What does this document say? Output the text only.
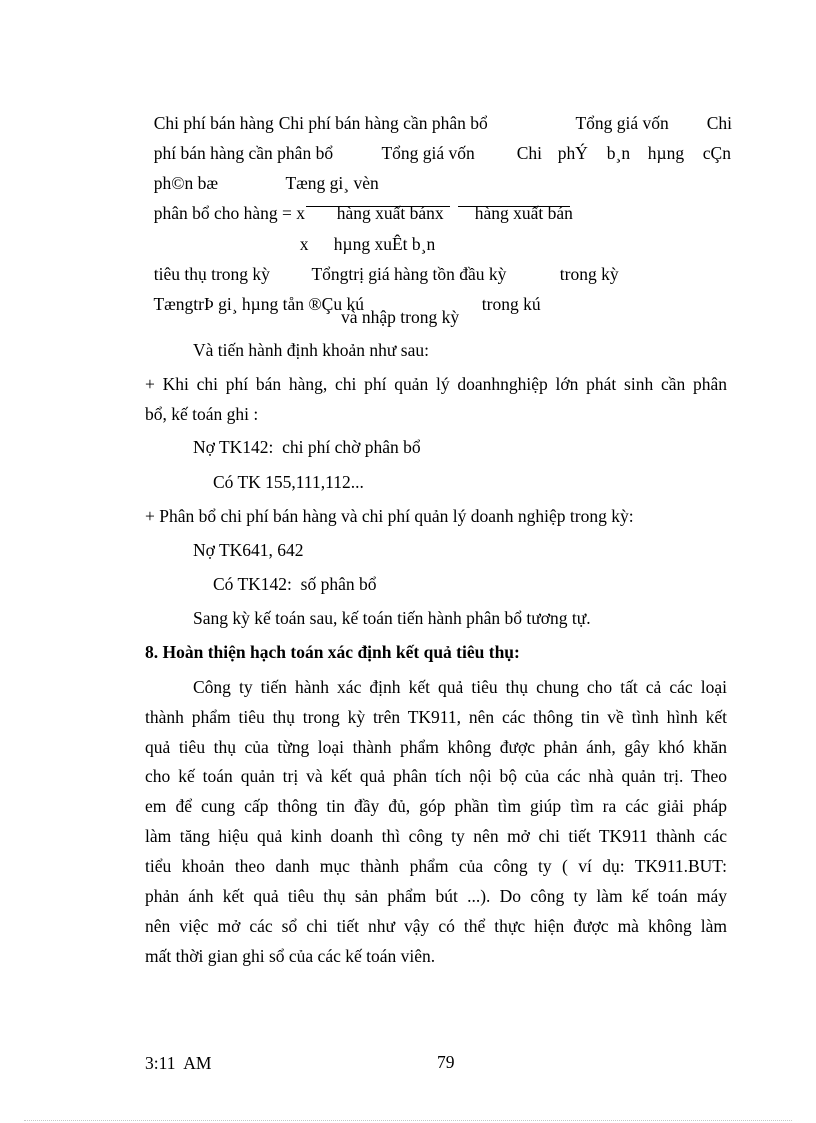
Chi phí bán hàng Chi phí bán hàng cần phân bổ	Tổng giá vốn	Chi

phí bán hàng cần phân bổ	Tổng giá vốn	Chi phÝ	b¸n	hµng	cÇn

ph©n bæ	Tæng gi¸ vèn

phân bổ cho hàng = x	hàng xuất bánx	hàng xuất bán

x	hµng xuÊt b¸n

tiêu thụ trong kỳ	Tổngtrị giá hàng tồn đầu kỳ	trong kỳ

TængtrÞ gi¸ hµng tån ®Çu kú	trong kú

và nhập trong kỳ
Và tiến hành định khoản như sau:
+ Khi chi phí bán hàng, chi phí quản lý doanhnghiệp lớn phát sinh cần phân
bổ, kế toán ghi :
Nợ TK142:  chi phí chờ phân bổ
Có TK 155,111,112...
+ Phân bổ chi phí bán hàng và chi phí quản lý doanh nghiệp trong kỳ:
Nợ TK641, 642
Có TK142:  số phân bổ
Sang kỳ kế toán sau, kế toán tiến hành phân bổ tương tự.
8. Hoàn thiện hạch toán xác định kết quả tiêu thụ:
Công ty tiến hành xác định kết quả tiêu thụ chung cho tất cả các loại
thành phẩm tiêu thụ trong kỳ trên TK911, nên các thông tin về tình hình kết
quả tiêu thụ của từng loại thành phẩm không được phản ánh, gây khó khăn
cho kế toán quản trị và kết quả phân tích nội bộ của các nhà quản trị. Theo
em để cung cấp thông tin đầy đủ, góp phần tìm giúp tìm ra các giải pháp
làm tăng hiệu quả kinh doanh thì công ty nên mở chi tiết TK911 thành các
tiểu khoản theo danh mục thành phẩm của công ty ( ví dụ: TK911.BUT:
phản ánh kết quả tiêu thụ sản phẩm bút ...). Do công ty làm kế toán máy
nên việc mở các sổ chi tiết như vậy có thể thực hiện được mà không làm
mất thời gian ghi sổ của các kế toán viên.
3:11  AM	79
